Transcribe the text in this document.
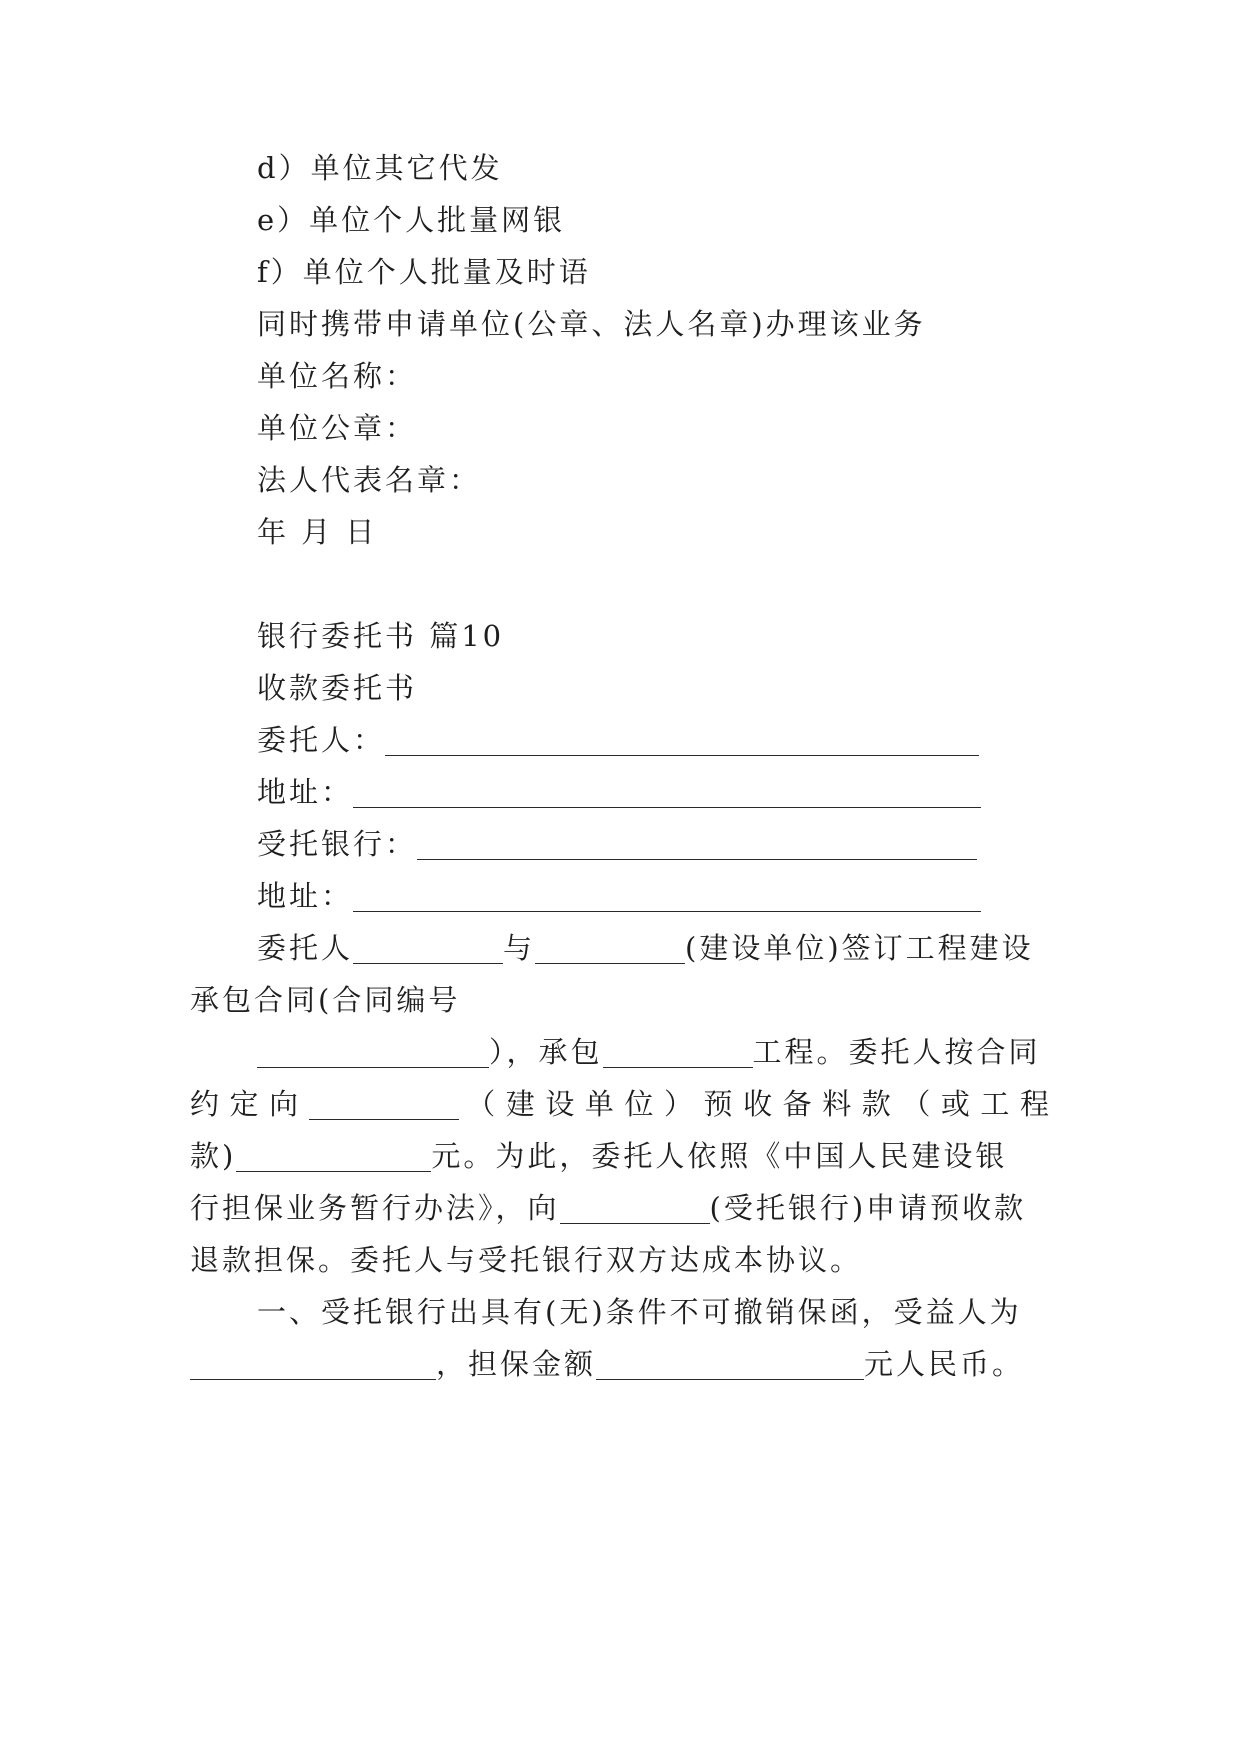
d）单位其它代发
e）单位个人批量网银
f）单位个人批量及时语
同时携带申请单位(公章、法人名章)办理该业务
单位名称：
单位公章：
法人代表名章：
年 月 日
银行委托书 篇10
收款委托书
委托人：
地址：
受托银行：
地址：
委托人	与	(建设单位)签订工程建设
承包合同(合同编号
），承包	工程。委托人按合同
约定向	（建设单位）预收备料款（或工程
款)	元。为此，委托人依照《中国人民建设银
行担保业务暂行办法》，向	(受托银行)申请预收款
退款担保。委托人与受托银行双方达成本协议。
一、受托银行出具有(无)条件不可撤销保函，受益人为
，担保金额	元人民币。
